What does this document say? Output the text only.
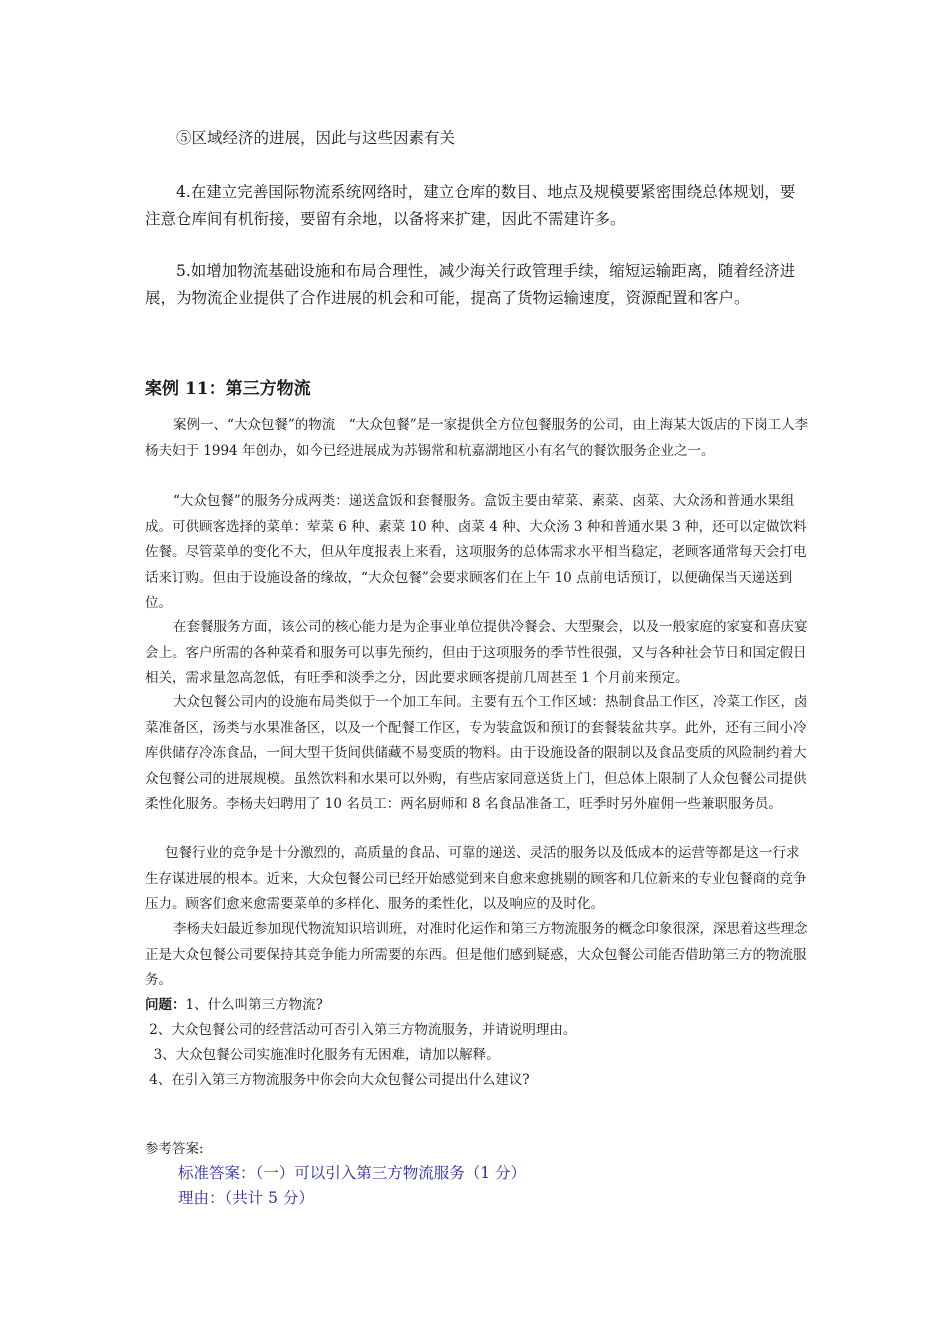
⑤区域经济的进展，因此与这些因素有关

4.在建立完善国际物流系统网络时，建立仓库的数目、地点及规模要紧密围绕总体规划，要注意仓库间有机衔接，要留有余地，以备将来扩建，因此不需建许多。

5.如增加物流基础设施和布局合理性，减少海关行政管理手续，缩短运输距离，随着经济进展，为物流企业提供了合作进展的机会和可能，提高了货物运输速度，资源配置和客户。

案例 11：第三方物流

案例一、“大众包餐”的物流　“大众包餐”是一家提供全方位包餐服务的公司，由上海某大饭店的下岗工人李杨夫妇于 1994 年创办，如今已经进展成为苏锡常和杭嘉湖地区小有名气的餐饮服务企业之一。

“大众包餐”的服务分成两类：递送盒饭和套餐服务。盒饭主要由荤菜、素菜、卤菜、大众汤和普通水果组成。可供顾客选择的菜单：荤菜 6 种、素菜 10 种、卤菜 4 种、大众汤 3 种和普通水果 3 种，还可以定做饮料佐餐。尽管菜单的变化不大，但从年度报表上来看，这项服务的总体需求水平相当稳定，老顾客通常每天会打电话来订购。但由于设施设备的缘故，“大众包餐”会要求顾客们在上午 10 点前电话预订，以便确保当天递送到位。

在套餐服务方面，该公司的核心能力是为企事业单位提供冷餐会、大型聚会，以及一般家庭的家宴和喜庆宴会上。客户所需的各种菜肴和服务可以事先预约，但由于这项服务的季节性很强，又与各种社会节日和国定假日相关，需求量忽高忽低，有旺季和淡季之分，因此要求顾客提前几周甚至 1 个月前来预定。

大众包餐公司内的设施布局类似于一个加工车间。主要有五个工作区域：热制食品工作区，冷菜工作区，卤菜准备区，汤类与水果准备区，以及一个配餐工作区，专为装盒饭和预订的套餐装盆共享。此外，还有三间小冷库供储存冷冻食品，一间大型干货间供储藏不易变质的物料。由于设施设备的限制以及食品变质的风险制约着大众包餐公司的进展规模。虽然饮料和水果可以外购，有些店家同意送货上门，但总体上限制了人众包餐公司提供柔性化服务。李杨夫妇聘用了 10 名员工：两名厨师和 8 名食品准备工，旺季时另外雇佣一些兼职服务员。

包餐行业的竞争是十分激烈的，高质量的食品、可靠的递送、灵活的服务以及低成本的运营等都是这一行求生存谋进展的根本。近来，大众包餐公司已经开始感觉到来自愈来愈挑剔的顾客和几位新来的专业包餐商的竞争压力。顾客们愈来愈需要菜单的多样化、服务的柔性化，以及响应的及时化。

李杨夫妇最近参加现代物流知识培训班，对准时化运作和第三方物流服务的概念印象很深，深思着这些理念正是大众包餐公司要保持其竞争能力所需要的东西。但是他们感到疑惑，大众包餐公司能否借助第三方的物流服务。

问题：1、什么叫第三方物流?

2、大众包餐公司的经营活动可否引入第三方物流服务，并请说明理由。

3、大众包餐公司实施准时化服务有无困难，请加以解释。

4、在引入第三方物流服务中你会向大众包餐公司提出什么建议?

参考答案:

标准答案：（一）可以引入第三方物流服务（1 分）

理由：（共计 5 分）
